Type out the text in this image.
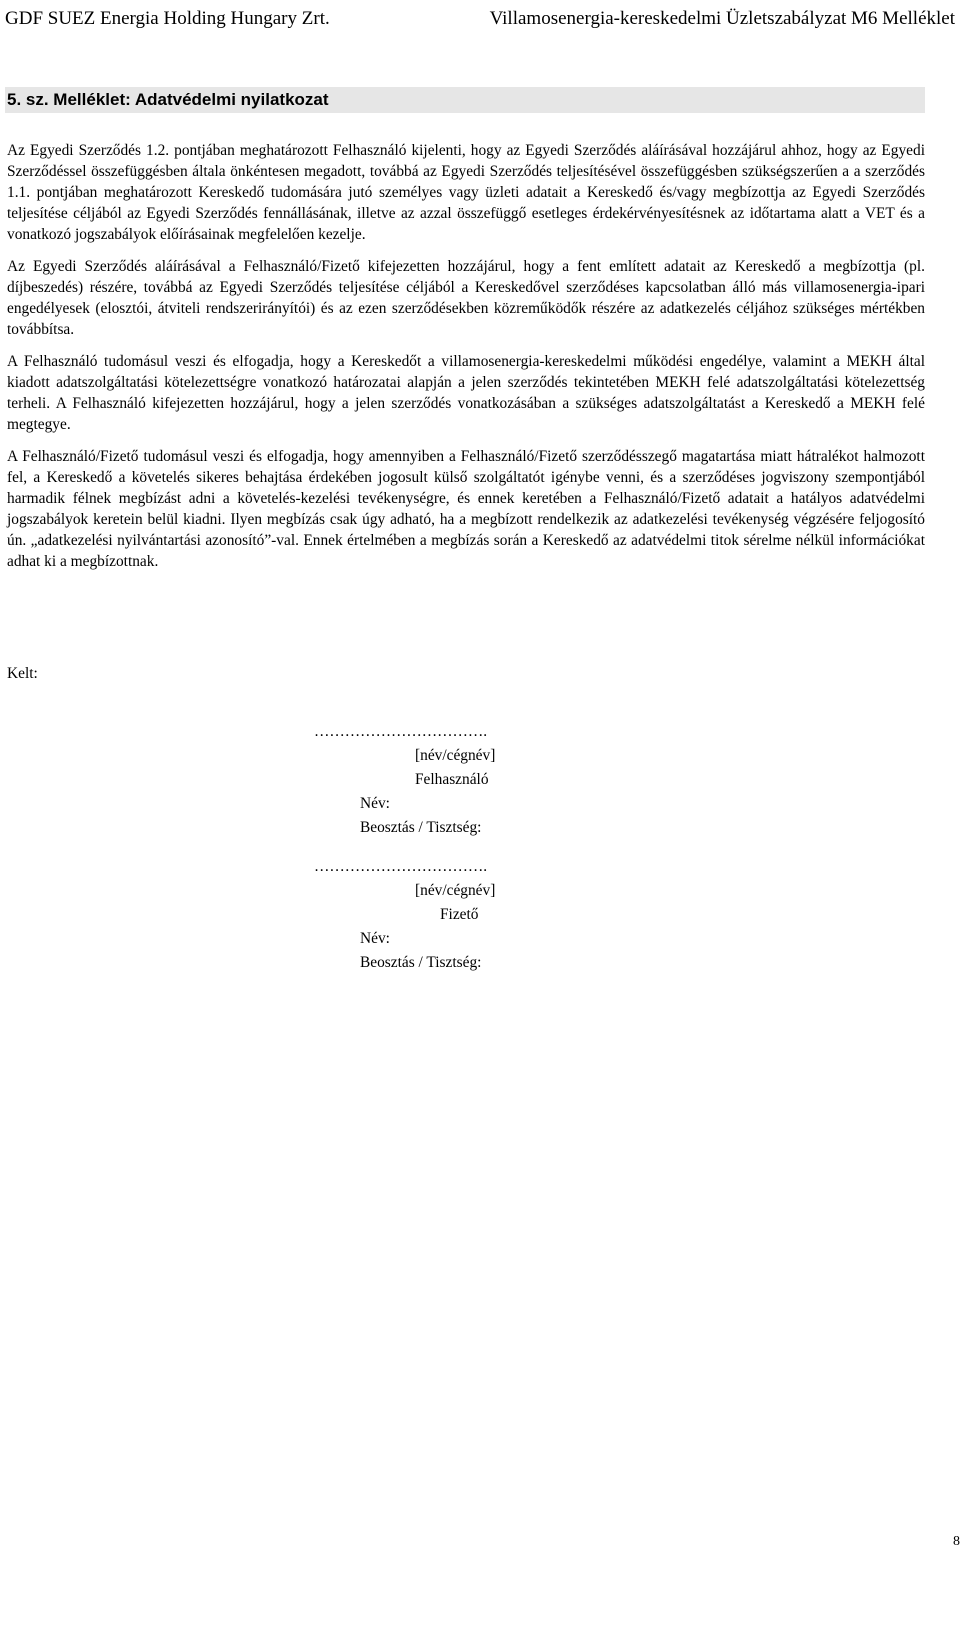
GDF SUEZ Energia Holding Hungary Zrt.	Villamosenergia-kereskedelmi Üzletszabályzat M6 Melléklet
5. sz. Melléklet: Adatvédelmi nyilatkozat

Az Egyedi Szerződés 1.2. pontjában meghatározott Felhasználó kijelenti, hogy az Egyedi Szerződés aláírásával hozzájárul ahhoz, hogy az Egyedi Szerződéssel összefüggésben általa önkéntesen megadott, továbbá az Egyedi Szerződés teljesítésével összefüggésben szükségszerűen a a szerződés 1.1. pontjában meghatározott Kereskedő tudomására jutó személyes vagy üzleti adatait a Kereskedő és/vagy megbízottja az Egyedi Szerződés teljesítése céljából az Egyedi Szerződés fennállásának, illetve az azzal összefüggő esetleges érdekérvényesítésnek az időtartama alatt a VET és a vonatkozó jogszabályok előírásainak megfelelően kezelje.

Az Egyedi Szerződés aláírásával a Felhasználó/Fizető kifejezetten hozzájárul, hogy a fent említett adatait az Kereskedő a megbízottja (pl. díjbeszedés) részére, továbbá az Egyedi Szerződés teljesítése céljából a Kereskedővel szerződéses kapcsolatban álló más villamosenergia-ipari engedélyesek (elosztói, átviteli rendszerirányítói) és az ezen szerződésekben közreműködők részére az adatkezelés céljához szükséges mértékben továbbítsa.

A Felhasználó tudomásul veszi és elfogadja, hogy a Kereskedőt a villamosenergia-kereskedelmi működési engedélye, valamint a MEKH által kiadott adatszolgáltatási kötelezettségre vonatkozó határozatai alapján a jelen szerződés tekintetében MEKH felé adatszolgáltatási kötelezettség terheli. A Felhasználó kifejezetten hozzájárul, hogy a jelen szerződés vonatkozásában a szükséges adatszolgáltatást a Kereskedő a MEKH felé megtegye.

A Felhasználó/Fizető tudomásul veszi és elfogadja, hogy amennyiben a Felhasználó/Fizető szerződésszegő magatartása miatt hátralékot halmozott fel, a Kereskedő a követelés sikeres behajtása érdekében jogosult külső szolgáltatót igénybe venni, és a szerződéses jogviszony szempontjából harmadik félnek megbízást adni a követelés-kezelési tevékenységre, és ennek keretében a Felhasználó/Fizető adatait a hatályos adatvédelmi jogszabályok keretein belül kiadni. Ilyen megbízás csak úgy adható, ha a megbízott rendelkezik az adatkezelési tevékenység végzésére feljogosító ún. „adatkezelési nyilvántartási azonosító”-val. Ennek értelmében a megbízás során a Kereskedő az adatvédelmi titok sérelme nélkül információkat adhat ki a megbízottnak.

Kelt:
…………………………….
[név/cégnév]
Felhasználó
Név:
Beosztás / Tisztség:
…………………………….
[név/cégnév]
Fizető
Név:
Beosztás / Tisztség:
8
